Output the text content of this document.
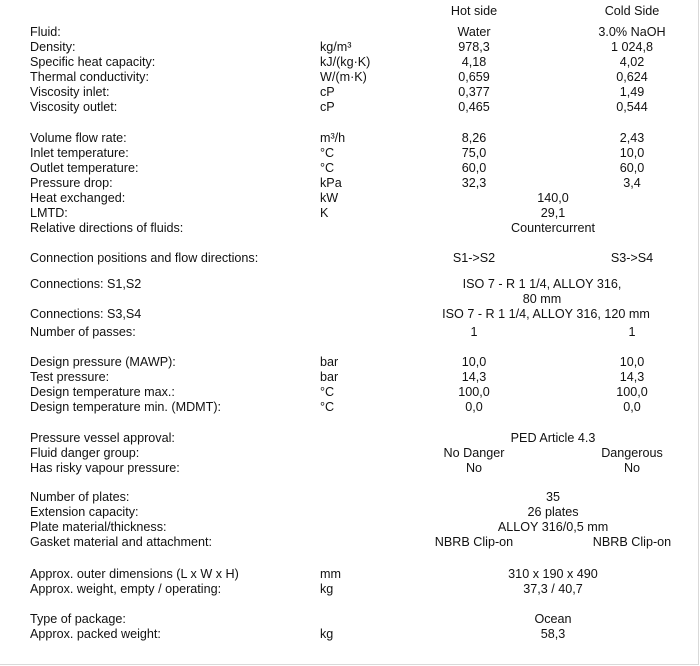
Hot side	Cold Side
Fluid:	Water	3.0% NaOH
Density:	kg/m³	978,3	1 024,8
Specific heat capacity:	kJ/(kg·K)	4,18	4,02
Thermal conductivity:	W/(m·K)	0,659	0,624
Viscosity inlet:	cP	0,377	1,49
Viscosity outlet:	cP	0,465	0,544
Volume flow rate:	m³/h	8,26	2,43
Inlet temperature:	°C	75,0	10,0
Outlet temperature:	°C	60,0	60,0
Pressure drop:	kPa	32,3	3,4
Heat exchanged:	kW	140,0
LMTD:	K	29,1
Relative directions of fluids:	Countercurrent
Connection positions and flow directions:	S1->S2	S3->S4
Connections: S1,S2	ISO 7 - R 1 1/4, ALLOY 316, 80 mm
Connections: S3,S4	ISO 7 - R 1 1/4, ALLOY 316, 120 mm
Number of passes:	1	1
Design pressure (MAWP):	bar	10,0	10,0
Test pressure:	bar	14,3	14,3
Design temperature max.:	°C	100,0	100,0
Design temperature min. (MDMT):	°C	0,0	0,0
Pressure vessel approval:	PED Article 4.3
Fluid danger group:	No Danger	Dangerous
Has risky vapour pressure:	No	No
Number of plates:	35
Extension capacity:	26 plates
Plate material/thickness:	ALLOY 316/0,5 mm
Gasket material and attachment:	NBRB Clip-on	NBRB Clip-on
Approx. outer dimensions (L x W x H)	mm	310 x 190 x 490
Approx. weight, empty / operating:	kg	37,3 / 40,7
Type of package:	Ocean
Approx. packed weight:	kg	58,3
